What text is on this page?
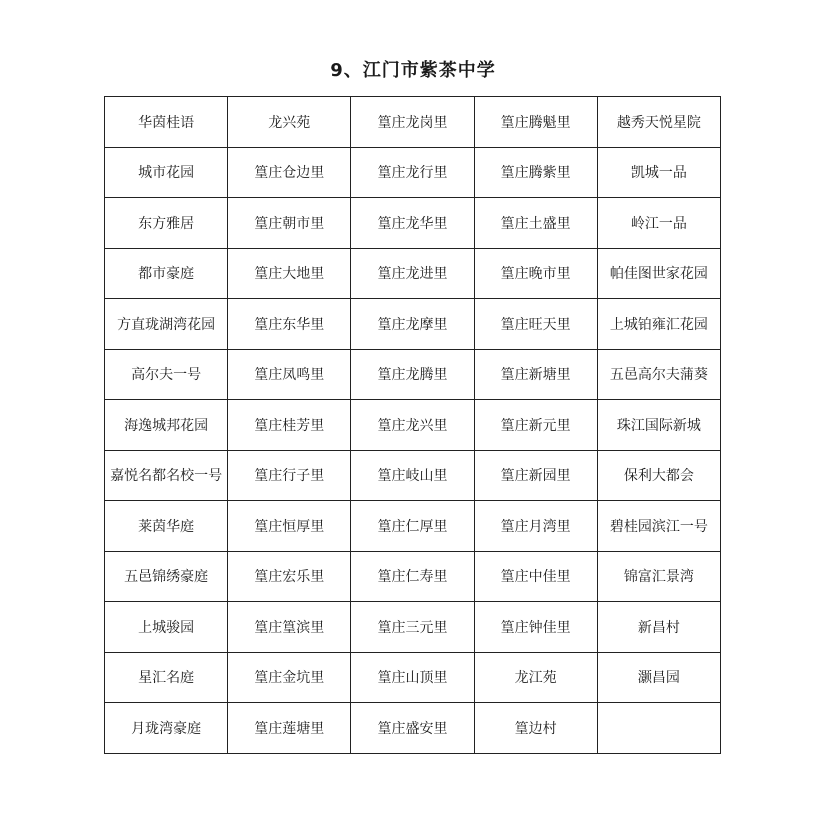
9、江门市紫茶中学
华茵桂语	龙兴苑	篁庄龙岗里	篁庄腾魁里	越秀天悦星院
城市花园	篁庄仓边里	篁庄龙行里	篁庄腾紫里	凯城一品
东方雅居	篁庄朝市里	篁庄龙华里	篁庄土盛里	岭江一品
都市豪庭	篁庄大地里	篁庄龙进里	篁庄晚市里	帕佳图世家花园
方直珑湖湾花园	篁庄东华里	篁庄龙摩里	篁庄旺天里	上城铂雍汇花园
高尔夫一号	篁庄凤鸣里	篁庄龙腾里	篁庄新塘里	五邑高尔夫蒲葵
海逸城邦花园	篁庄桂芳里	篁庄龙兴里	篁庄新元里	珠江国际新城
嘉悦名都名校一号	篁庄行子里	篁庄岐山里	篁庄新园里	保利大都会
莱茵华庭	篁庄恒厚里	篁庄仁厚里	篁庄月湾里	碧桂园滨江一号
五邑锦绣豪庭	篁庄宏乐里	篁庄仁寿里	篁庄中佳里	锦富汇景湾
上城骏园	篁庄篁滨里	篁庄三元里	篁庄钟佳里	新昌村
星汇名庭	篁庄金坑里	篁庄山顶里	龙江苑	灏昌园
月珑湾豪庭	篁庄莲塘里	篁庄盛安里	篁边村	
